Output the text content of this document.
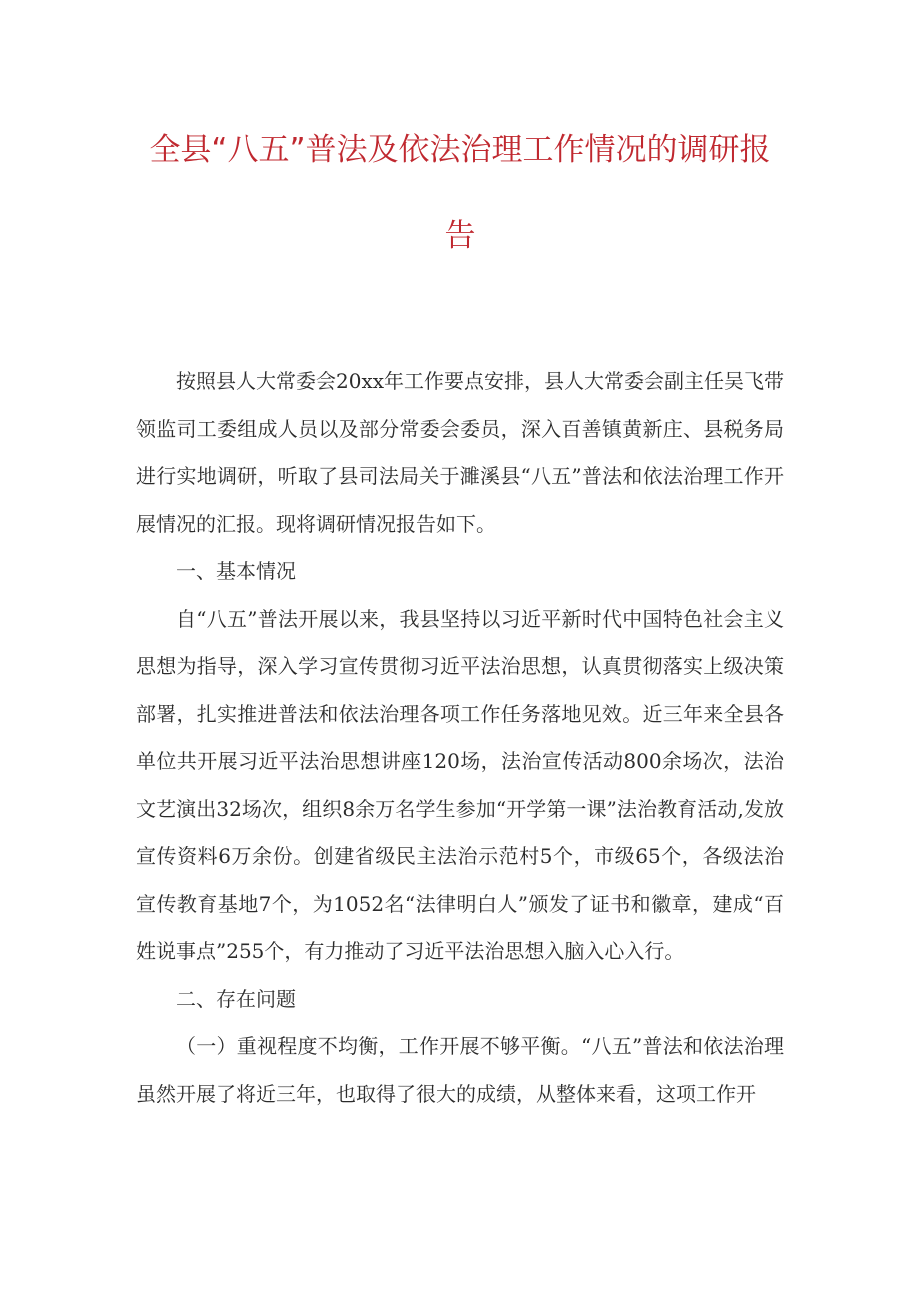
全县“八五”普法及依法治理工作情况的调研报
告

按照县人大常委会20xx年工作要点安排，县人大常委会副主任吴飞带领监司工委组成人员以及部分常委会委员，深入百善镇黄新庄、县税务局进行实地调研，听取了县司法局关于濉溪县“八五”普法和依法治理工作开展情况的汇报。现将调研情况报告如下。

一、基本情况

自“八五”普法开展以来，我县坚持以习近平新时代中国特色社会主义思想为指导，深入学习宣传贯彻习近平法治思想，认真贯彻落实上级决策部署，扎实推进普法和依法治理各项工作任务落地见效。近三年来全县各单位共开展习近平法治思想讲座120场，法治宣传活动800余场次，法治文艺演出32场次，组织8余万名学生参加“开学第一课”法治教育活动,发放宣传资料6万余份。创建省级民主法治示范村5个，市级65个，各级法治宣传教育基地7个，为1052名“法律明白人”颁发了证书和徽章，建成“百姓说事点”255个，有力推动了习近平法治思想入脑入心入行。

二、存在问题

（一）重视程度不均衡，工作开展不够平衡。“八五”普法和依法治理虽然开展了将近三年，也取得了很大的成绩，从整体来看，这项工作开
